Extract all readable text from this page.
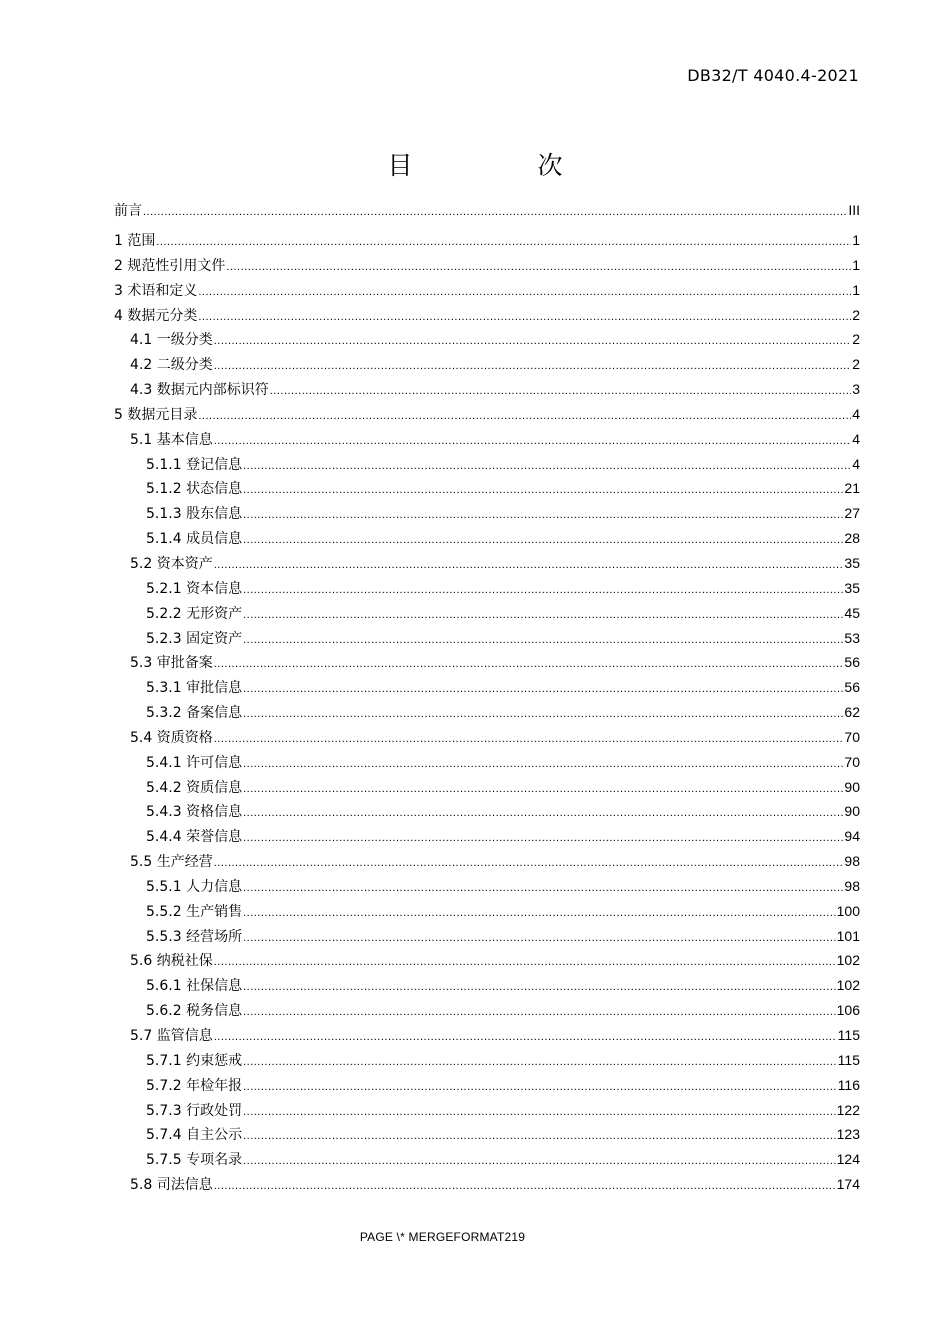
DB32/T 4040.4-2021
目　次
前言 .....	III
1 范围 .....	1
2 规范性引用文件 .....	1
3 术语和定义 .....	1
4 数据元分类 .....	2
4.1 一级分类 .....	2
4.2 二级分类 .....	2
4.3 数据元内部标识符 .....	3
5 数据元目录 .....	4
5.1 基本信息 .....	4
5.1.1 登记信息 .....	4
5.1.2 状态信息 .....	21
5.1.3 股东信息 .....	27
5.1.4 成员信息 .....	28
5.2 资本资产 .....	35
5.2.1 资本信息 .....	35
5.2.2 无形资产 .....	45
5.2.3 固定资产 .....	53
5.3 审批备案 .....	56
5.3.1 审批信息 .....	56
5.3.2 备案信息 .....	62
5.4 资质资格 .....	70
5.4.1 许可信息 .....	70
5.4.2 资质信息 .....	90
5.4.3 资格信息 .....	90
5.4.4 荣誉信息 .....	94
5.5 生产经营 .....	98
5.5.1 人力信息 .....	98
5.5.2 生产销售 .....	100
5.5.3 经营场所 .....	101
5.6 纳税社保 .....	102
5.6.1 社保信息 .....	102
5.6.2 税务信息 .....	106
5.7 监管信息 .....	115
5.7.1 约束惩戒 .....	115
5.7.2 年检年报 .....	116
5.7.3 行政处罚 .....	122
5.7.4 自主公示 .....	123
5.7.5 专项名录 .....	124
5.8 司法信息 .....	174
PAGE \* MERGEFORMAT219
